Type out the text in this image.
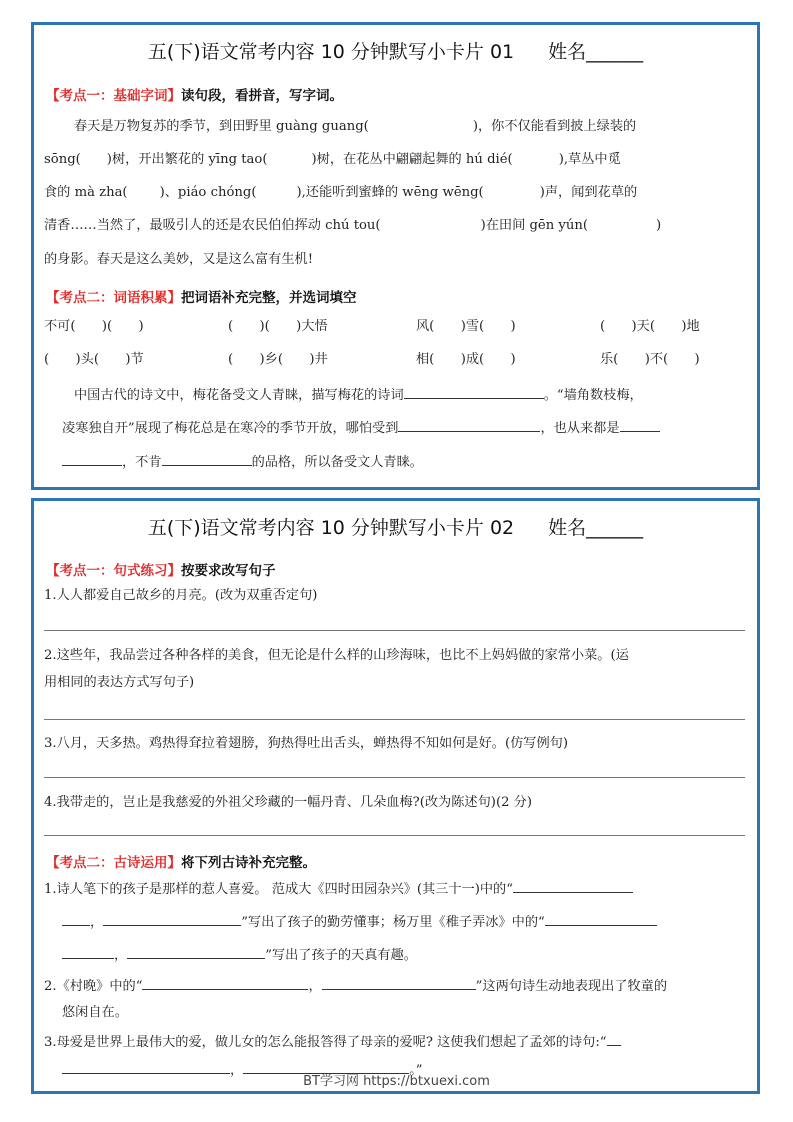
五(下)语文常考内容 10 分钟默写小卡片 01 姓名______
【考点一：基础字词】读句段，看拼音，写字词。
春天是万物复苏的季节，到田野里 guàng guang(	)，你不仅能看到披上绿装的
sōng( )树，开出繁花的 yīng tao(	)树，在花丛中翩翩起舞的 hú dié(	),草丛中觅
食的 mà zha( )、piáo chóng(	),还能听到蜜蜂的 wēng wēng(	)声，闻到花草的
清香……当然了，最吸引人的还是农民伯伯挥动 chú tou(	)在田间 gēn yún(	)
的身影。春天是这么美妙，又是这么富有生机!
【考点二：词语积累】把词语补充完整，并选词填空
不可(　　)(　　)	(　　)(　　)大悟	风(　　)雪(　　)	(　　)天(　　)地
(　　)头(　　)节	(　　)乡(　　)井	相(　　)成(　　)	乐(　　)不(　　)
中国古代的诗文中，梅花备受文人青睐，描写梅花的诗词	。“墙角数枝梅，
凌寒独自开”展现了梅花总是在寒冷的季节开放，哪怕受到	，也从来都是
，不肯	的品格，所以备受文人青睐。
五(下)语文常考内容 10 分钟默写小卡片 02 姓名______
【考点一：句式练习】按要求改写句子
1.人人都爱自己故乡的月亮。(改为双重否定句)
2.这些年，我品尝过各种各样的美食，但无论是什么样的山珍海味，也比不上妈妈做的家常小菜。(运
用相同的表达方式写句子)
3.八月，天多热。鸡热得耷拉着翅膀，狗热得吐出舌头，蝉热得不知如何是好。(仿写例句)
4.我带走的，岂止是我慈爱的外祖父珍藏的一幅丹青、几朵血梅?(改为陈述句)(2 分)
【考点二：古诗运用】将下列古诗补充完整。
1.诗人笔下的孩子是那样的惹人喜爱。 范成大《四时田园杂兴》(其三十一)中的“
，	”写出了孩子的勤劳懂事；杨万里《稚子弄冰》中的“
，	”写出了孩子的天真有趣。
2.《村晚》中的“	，	”这两句诗生动地表现出了牧童的
悠闲自在。
3.母爱是世界上最伟大的爱，做儿女的怎么能报答得了母亲的爱呢? 这使我们想起了孟郊的诗句:“
，	。”
BT学习网 https://btxuexi.com
